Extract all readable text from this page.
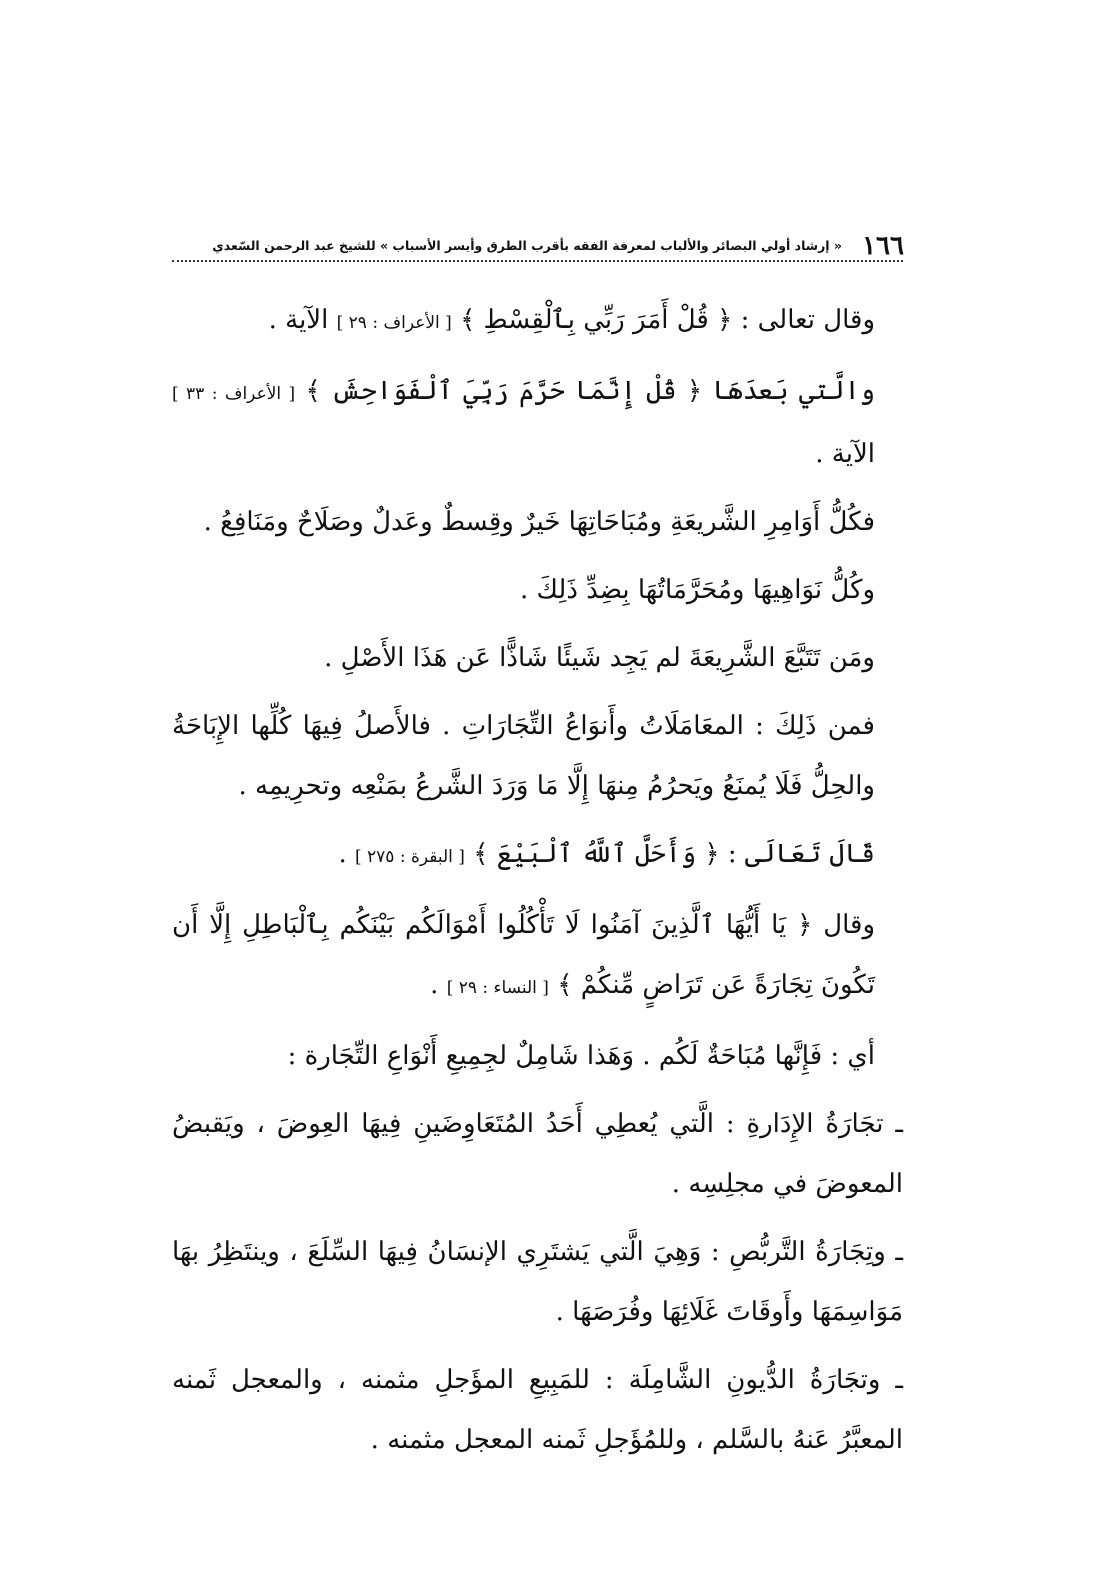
١٦٦
« إرشاد أولي البصائر والألباب لمعرفة الفقه بأقرب الطرق وأيسر الأسباب » للشيخ عبد الرحمن السّعدي

وقال تعالى : ﴿ قُلْ أَمَرَ رَبِّي بِٱلْقِسْطِ ﴾ [ الأعراف : ٢٩ ] الآية .

والَّتي بَعدَهَا ﴿ قُلْ إِنَّمَا حَرَّمَ رَبِّيَ ٱلْفَوَاحِشَ ﴾ [ الأعراف : ٣٣ ] الآية .

فكُلُّ أَوَامِرِ الشَّريعَةِ ومُبَاحَاتِهَا خَيرٌ وقِسطٌ وعَدلٌ وصَلَاحٌ ومَنَافِعُ .

وكُلُّ نَوَاهِيهَا ومُحَرَّمَاتُهَا بِضِدِّ ذَلِكَ .

ومَن تَتَبَّعَ الشَّرِيعَةَ لم يَجِد شَيئًا شَاذًّا عَن هَذَا الأَصْلِ .

فمن ذَلِكَ : المعَامَلَاتُ وأَنوَاعُ التِّجَارَاتِ . فالأَصلُ فِيهَا كُلِّها الإِبَاحَةُ والحِلُّ فَلَا يُمنَعُ ويَحرُمُ مِنهَا إِلَّا مَا وَرَدَ الشَّرعُ بمَنْعِه وتحرِيمِه .

قَالَ تَعَالَى : ﴿ وَأَحَلَّ ٱللَّهُ ٱلْبَيْعَ ﴾ [ البقرة : ٢٧٥ ] .

وقال ﴿ يَا أَيُّهَا ٱلَّذِينَ آمَنُوا لَا تَأْكُلُوا أَمْوَالَكُم بَيْنَكُم بِٱلْبَاطِلِ إِلَّا أَن تَكُونَ تِجَارَةً عَن تَرَاضٍ مِّنكُمْ ﴾ [ النساء : ٢٩ ] .

أي : فَإِنَّها مُبَاحَةٌ لَكُم . وَهَذا شَامِلٌ لجِمِيعِ أَنْوَاعِ التِّجَارة :

ـ تجَارَةُ الإِدَارةِ : الَّتي يُعطِي أَحَدُ المُتَعَاوِضَينِ فِيهَا العِوضَ ، ويَقبضُ المعوضَ في مجلِسِه .

ـ وتِجَارَةُ التَّربُّصِ : وَهِيَ الَّتي يَشتَرِي الإنسَانُ فِيهَا السِّلَعَ ، وينتَظِرُ بهَا مَوَاسِمَهَا وأَوقَاتَ غَلَائِهَا وفُرَصَهَا .

ـ وتجَارَةُ الدُّيونِ الشَّامِلَة : للمَبِيعِ المؤَجلِ مثمنه ، والمعجل ثَمنه المعبَّرُ عَنهُ بالسَّلم ، وللمُؤَجلِ ثَمنه المعجل مثمنه .
